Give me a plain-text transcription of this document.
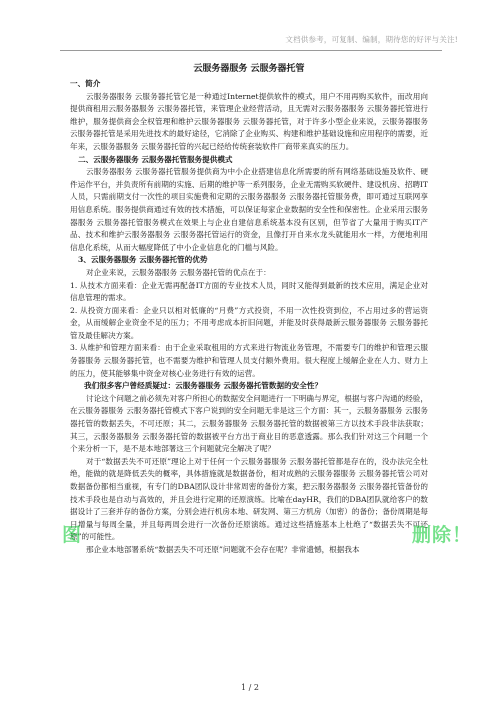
文档供参考，可复制、编制，期待您的好评与关注!
云服务器服务 云服务器托管
一、简介

云服务器服务 云服务器托管它是一种通过Internet提供软件的模式，用户不用再购买软件，而改用向提供商租用云服务器服务 云服务器托管，来管理企业经营活动，且无需对云服务器服务 云服务器托管进行维护，服务提供商会全权管理和维护云服务器服务 云服务器托管，对于许多小型企业来说，云服务器服务 云服务器托管是采用先进技术的最好途径，它消除了企业购买、构建和维护基础设施和应用程序的需要，近年来，云服务器服务 云服务器托管的兴起已经给传统套装软件厂商带来真实的压力。

二、云服务器服务 云服务器托管服务提供模式

云服务器服务 云服务器托管服务提供商为中小企业搭建信息化所需要的所有网络基础设施及软件、硬件运作平台，并负责所有前期的实施、后期的维护等一系列服务，企业无需购买软硬件、建设机房、招聘IT人员，只需前期支付一次性的项目实施费和定期的云服务器服务 云服务器托管服务费，即可通过互联网享用信息系统。服务提供商通过有效的技术措施，可以保证每家企业数据的安全性和保密性。企业采用云服务器服务 云服务器托管服务模式在效果上与企业自建信息系统基本没有区别，但节省了大量用于购买IT产品、技术和维护云服务器服务 云服务器托管运行的资金，且像打开自来水龙头就能用水一样，方便地利用信息化系统，从而大幅度降低了中小企业信息化的门槛与风险。

3、云服务器服务 云服务器托管的优势

对企业来说，云服务器服务 云服务器托管的优点在于：

1. 从技术方面来看：企业无需再配备IT方面的专业技术人员，同时又能得到最新的技术应用，满足企业对信息管理的需求。

2. 从投资方面来看：企业只以相对低廉的“月费”方式投资，不用一次性投资到位，不占用过多的营运资金，从而缓解企业资金不足的压力；不用考虑成本折旧问题，并能及时获得最新云服务器服务 云服务器托管及最佳解决方案。

3. 从维护和管理方面来看：由于企业采取租用的方式来进行物流业务管理，不需要专门的维护和管理云服务器服务 云服务器托管，也不需要为维护和管理人员支付额外费用。很大程度上缓解企业在人力、财力上的压力，使其能够集中资金对核心业务进行有效的运营。

我们很多客户曾经质疑过：云服务器服务 云服务器托管数据的安全性？

讨论这个问题之前必须先对客户所担心的数据安全问题进行一下明确与界定，根据与客户沟通的经验，在云服务器服务 云服务器托管模式下客户说到的安全问题无非是这三个方面：其一，云服务器服务 云服务器托管的数据丢失，不可还原；其二，云服务器服务 云服务器托管的数据被第三方以技术手段非法获取；其三，云服务器服务 云服务器托管的数据被平台方出于商业目的恶意透露。那么我们针对这三个问题一个个来分析一下，是不是本地部署这三个问题就完全解决了呢？

对于“数据丢失不可还原”理论上对于任何一个云服务器服务 云服务器托管都是存在的，没办法完全杜绝，能做的就是降低丢失的概率，具体措施就是数据备份，相对成熟的云服务器服务 云服务器托管公司对数据备份都相当重视，有专门的DBA团队设计非常周密的备份方案，把云服务器服务 云服务器托管备份的技术手段也是自动与高效的，并且会进行定期的还原演练。比喻在dayHR，我们的DBA团队就给客户的数据设计了三套并存的备份方案，分别会进行机房本地、研发网、第三方机房（加密）的备份；备份周期是每日增量与每周全量，并且每两周会进行一次备份还原演练。通过这些措施基本上杜绝了“数据丢失不可还原”的可能性。

那企业本地部署系统“数据丢失不可还原”问题就不会存在呢？非常遗憾，根据我本

图	删除！
1 / 2
